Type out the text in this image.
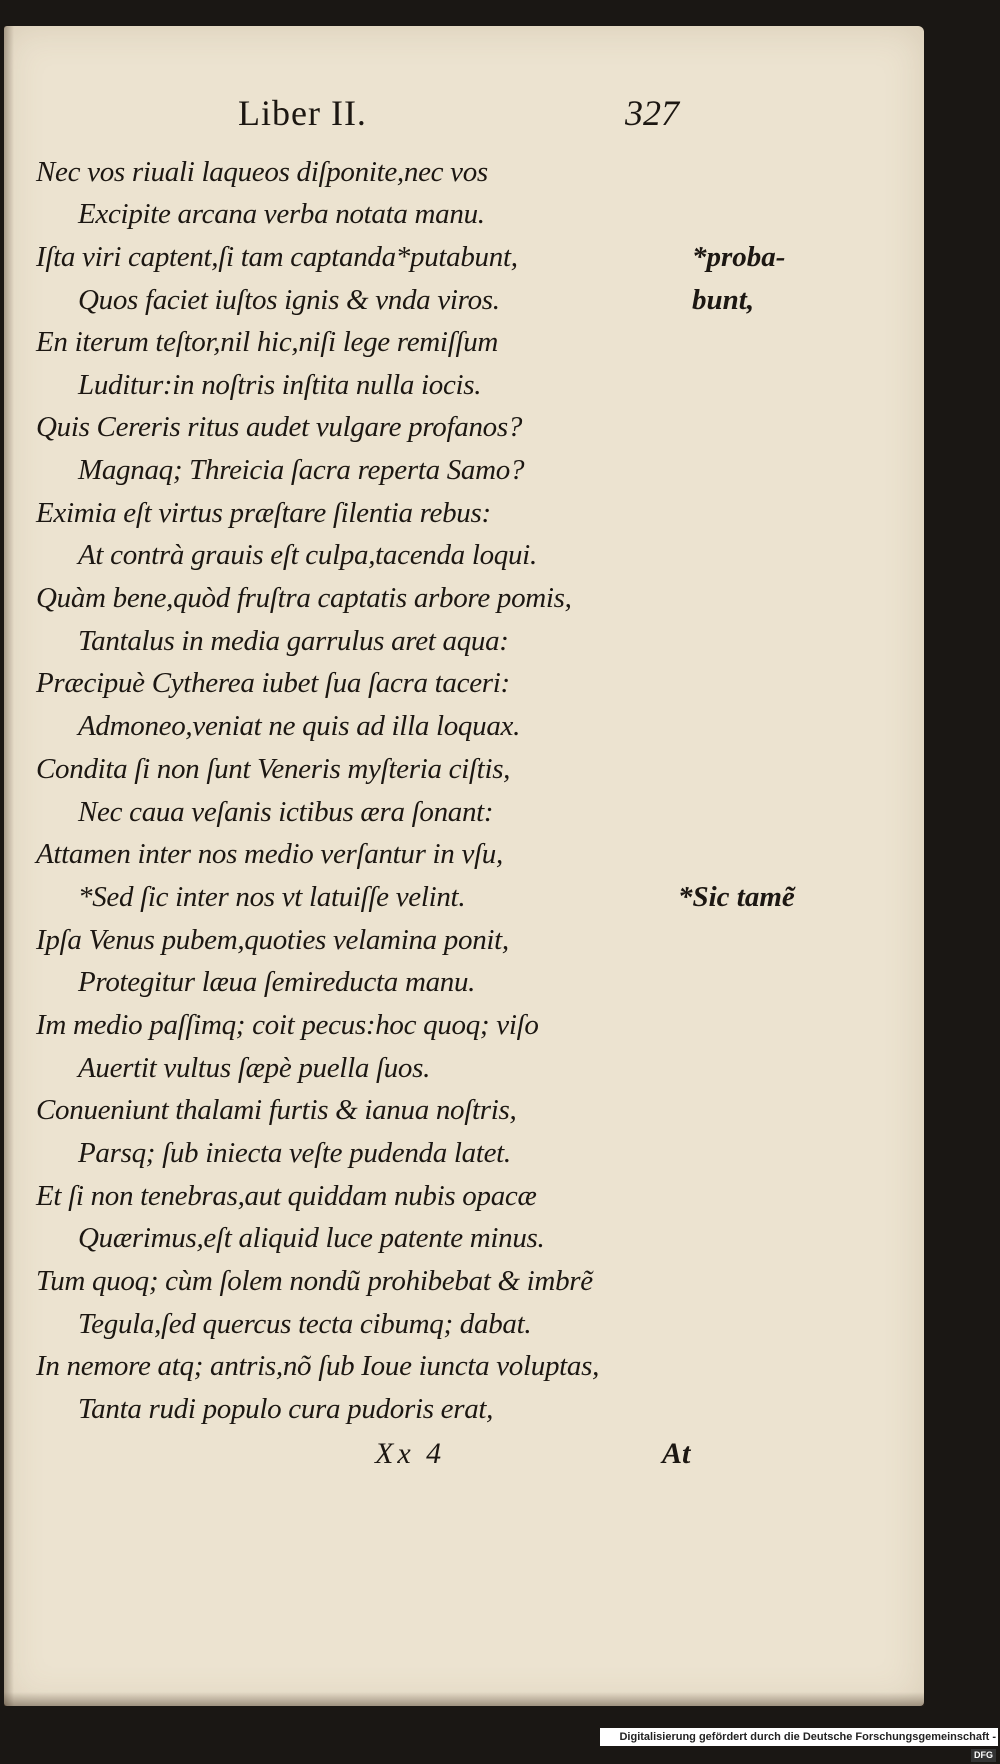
Liber II.	327
Nec vos riuali laqueos diſponite,nec vos
Excipite arcana verba notata manu.
Iſta viri captent,ſi tam captanda*putabunt,
Quos faciet iuſtos ignis & vnda viros.
En iterum teſtor,nil hic,niſi lege remiſſum
Luditur:in noſtris inſtita nulla iocis.
Quis Cereris ritus audet vulgare profanos?
Magnaq; Threicia ſacra reperta Samo?
Eximia eſt virtus præſtare ſilentia rebus:
At contrà grauis eſt culpa,tacenda loqui.
Quàm bene,quòd fruſtra captatis arbore pomis,
Tantalus in media garrulus aret aqua:
Præcipuè Cytherea iubet ſua ſacra taceri:
Admoneo,veniat ne quis ad illa loquax.
Condita ſi non ſunt Veneris myſteria ciſtis,
Nec caua veſanis ictibus æra ſonant:
Attamen inter nos medio verſantur in vſu,
*Sed ſic inter nos vt latuiſſe velint.
Ipſa Venus pubem,quoties velamina ponit,
Protegitur læua ſemireducta manu.
Im medio paſſimq; coit pecus:hoc quoq; viſo
Auertit vultus ſæpè puella ſuos.
Conueniunt thalami furtis & ianua noſtris,
Parsq; ſub iniecta veſte pudenda latet.
Et ſi non tenebras,aut quiddam nubis opacæ
Quærimus,eſt aliquid luce patente minus.
Tum quoq; cùm ſolem nondũ prohibebat & imbrẽ
Tegula,ſed quercus tecta cibumq; dabat.
In nemore atq; antris,nõ ſub Ioue iuncta voluptas,
Tanta rudi populo cura pudoris erat,
*proba-
bunt,
*Sic tamẽ
Xx 4	At
Digitalisierung gefördert durch die Deutsche Forschungsgemeinschaft -DFG
